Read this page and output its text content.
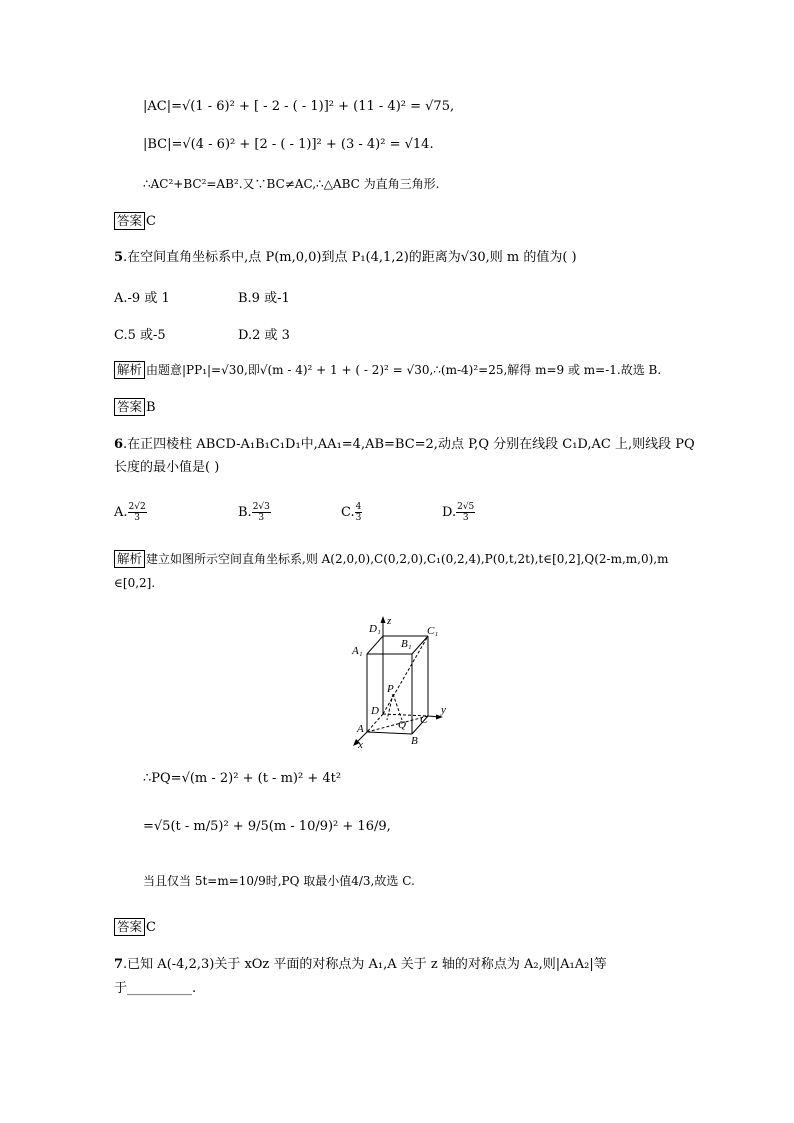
|AC|=√(1 - 6)² + [ - 2 - ( - 1)]² + (11 - 4)² = √75,
|BC|=√(4 - 6)² + [2 - ( - 1)]² + (3 - 4)² = √14.
∴AC²+BC²=AB².又∵BC≠AC,∴△ABC 为直角三角形.
答案 C
5.在空间直角坐标系中,点 P(m,0,0)到点 P₁(4,1,2)的距离为√30,则 m 的值为( )
A.-9 或 1	B.9 或-1
C.5 或-5	D.2 或 3
解析 由题意|PP₁|=√30,即√(m - 4)² + 1 + ( - 2)² = √30,∴(m-4)²=25,解得 m=9 或 m=-1.故选 B.
答案 B
6.在正四棱柱 ABCD-A₁B₁C₁D₁中,AA₁=4,AB=BC=2,动点 P,Q 分别在线段 C₁D,AC 上,则线段 PQ
长度的最小值是( )
A. $\frac{2√2}{3}$	B. $\frac{2√3}{3}$	C. $\frac{4}{3}$	D. $\frac{2√5}{3}$
解析 建立如图所示空间直角坐标系,则 A(2,0,0),C(0,2,0),C₁(0,2,4),P(0,t,2t),t∈[0,2],Q(2-m,m,0),m
∈[0,2].
z
y
x
D₁
B₁
C₁
A₁
P
D
A	Q C
B
∴PQ=√(m - 2)² + (t - m)² + 4t²
=√5(t - m/5)² + 9/5(m - 10/9)² + 16/9,
当且仅当 5t=m=10/9时,PQ 取最小值4/3,故选 C.
答案 C
7.已知 A(-4,2,3)关于 xOz 平面的对称点为 A₁,A 关于 z 轴的对称点为 A₂,则|A₁A₂|等
于__________.
